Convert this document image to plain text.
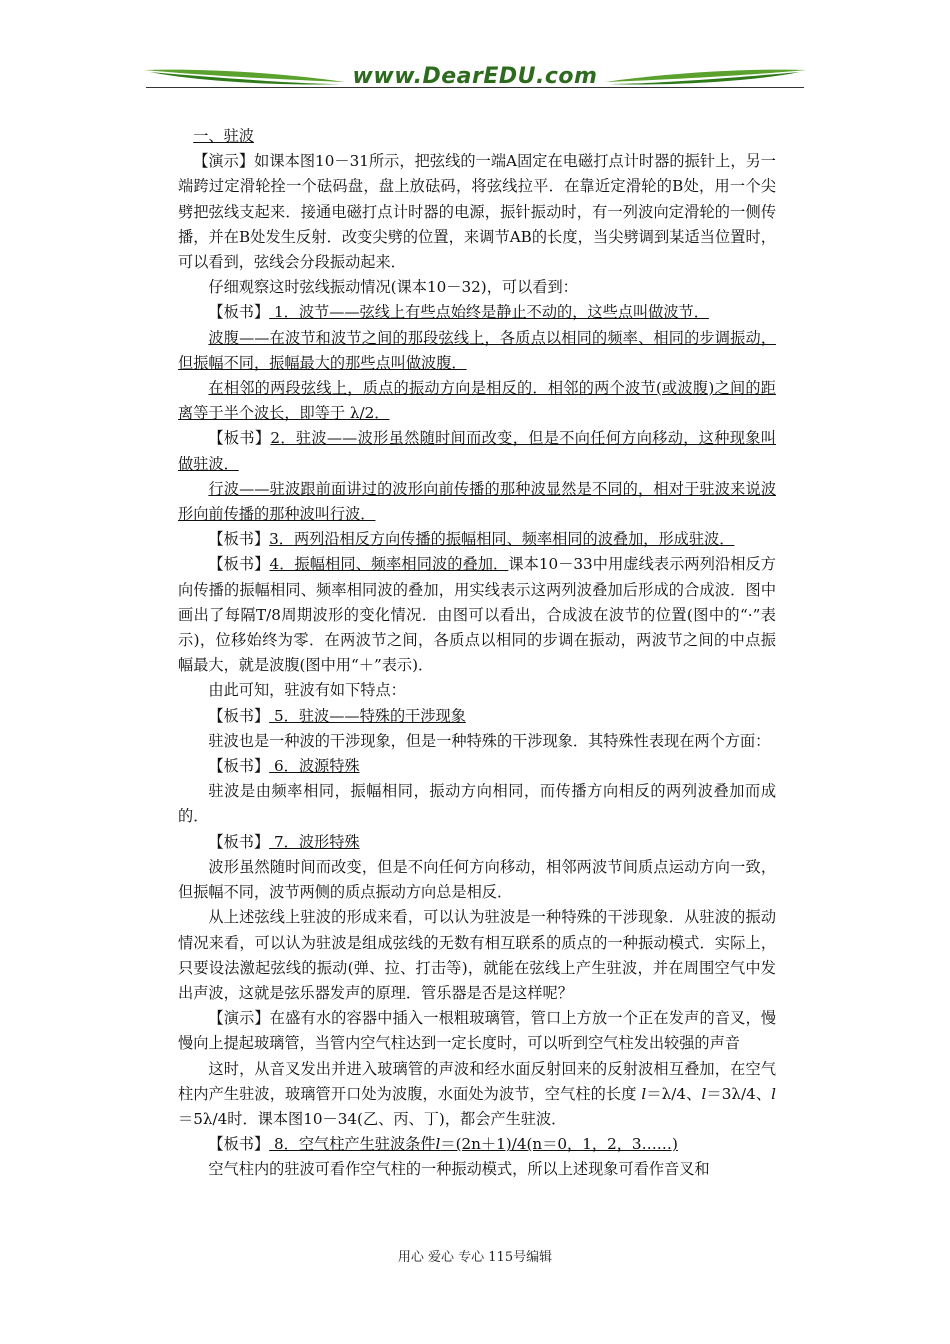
www.DearEDU.com

一、驻波

【演示】如课本图10－31所示，把弦线的一端A固定在电磁打点计时器的振针上，另一端跨过定滑轮拴一个砝码盘，盘上放砝码，将弦线拉平．在靠近定滑轮的B处，用一个尖劈把弦线支起来．接通电磁打点计时器的电源，振针振动时，有一列波向定滑轮的一侧传播，并在B处发生反射．改变尖劈的位置，来调节AB的长度，当尖劈调到某适当位置时，可以看到，弦线会分段振动起来．

仔细观察这时弦线振动情况(课本10－32)，可以看到：

【板书】 1．波节——弦线上有些点始终是静止不动的，这些点叫做波节．

波腹——在波节和波节之间的那段弦线上，各质点以相同的频率、相同的步调振动，但振幅不同，振幅最大的那些点叫做波腹．

在相邻的两段弦线上，质点的振动方向是相反的．相邻的两个波节(或波腹)之间的距离等于半个波长，即等于 λ/2．

【板书】2．驻波——波形虽然随时间而改变，但是不向任何方向移动，这种现象叫做驻波．

行波——驻波跟前面讲过的波形向前传播的那种波显然是不同的，相对于驻波来说波形向前传播的那种波叫行波．

【板书】3．两列沿相反方向传播的振幅相同、频率相同的波叠加，形成驻波．

【板书】4．振幅相同、频率相同波的叠加．课本10－33中用虚线表示两列沿相反方向传播的振幅相同、频率相同波的叠加，用实线表示这两列波叠加后形成的合成波．图中画出了每隔T/8周期波形的变化情况．由图可以看出，合成波在波节的位置(图中的“·”表示)，位移始终为零．在两波节之间，各质点以相同的步调在振动，两波节之间的中点振幅最大，就是波腹(图中用“＋”表示)．

由此可知，驻波有如下特点：

【板书】 5．驻波——特殊的干涉现象

驻波也是一种波的干涉现象，但是一种特殊的干涉现象．其特殊性表现在两个方面：

【板书】 6．波源特殊

驻波是由频率相同，振幅相同，振动方向相同，而传播方向相反的两列波叠加而成的．

【板书】 7．波形特殊

波形虽然随时间而改变，但是不向任何方向移动，相邻两波节间质点运动方向一致，但振幅不同，波节两侧的质点振动方向总是相反．

从上述弦线上驻波的形成来看，可以认为驻波是一种特殊的干涉现象．从驻波的振动情况来看，可以认为驻波是组成弦线的无数有相互联系的质点的一种振动模式．实际上，只要设法激起弦线的振动(弹、拉、打击等)，就能在弦线上产生驻波，并在周围空气中发出声波，这就是弦乐器发声的原理．管乐器是否是这样呢？

【演示】在盛有水的容器中插入一根粗玻璃管，管口上方放一个正在发声的音叉，慢慢向上提起玻璃管，当管内空气柱达到一定长度时，可以听到空气柱发出较强的声音

这时，从音叉发出并进入玻璃管的声波和经水面反射回来的反射波相互叠加，在空气柱内产生驻波，玻璃管开口处为波腹，水面处为波节，空气柱的长度 l＝λ/4、l＝3λ/4、l＝5λ/4时．课本图10－34(乙、丙、丁)，都会产生驻波．

【板书】 8．空气柱产生驻波条件l＝(2n＋1)/4(n＝0，1，2，3……)

空气柱内的驻波可看作空气柱的一种振动模式，所以上述现象可看作音叉和

用心 爱心 专心 115号编辑
